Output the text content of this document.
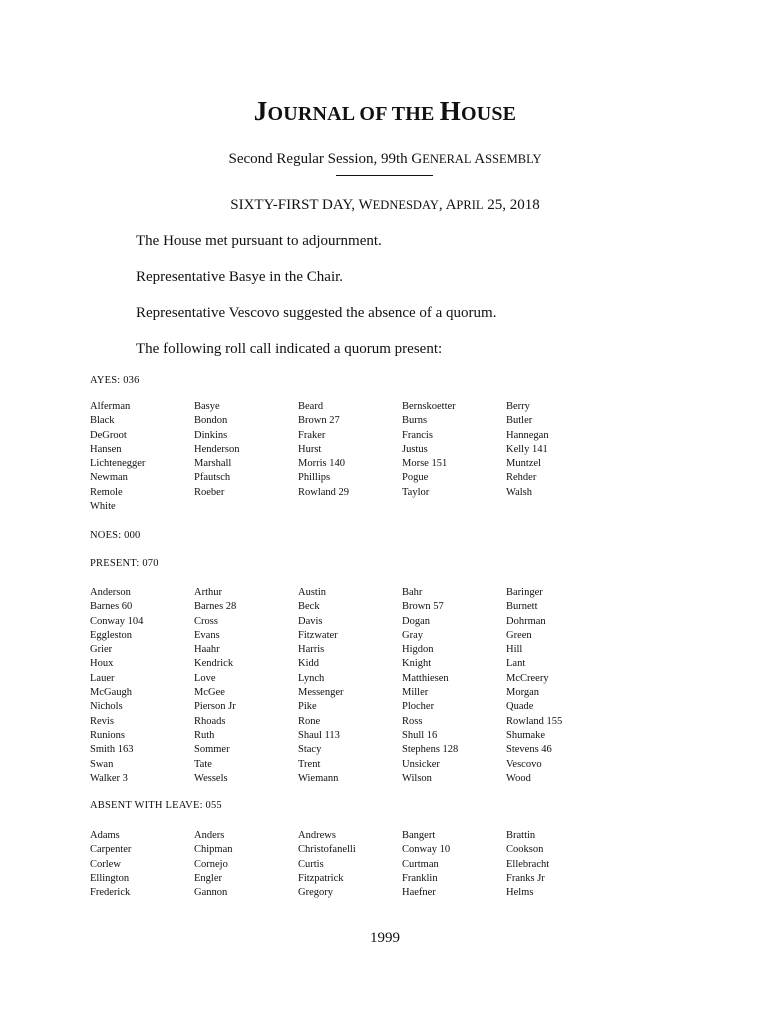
JOURNAL OF THE HOUSE
Second Regular Session, 99th GENERAL ASSEMBLY
SIXTY-FIRST DAY, WEDNESDAY, APRIL 25, 2018
The House met pursuant to adjournment.
Representative Basye in the Chair.
Representative Vescovo suggested the absence of a quorum.
The following roll call indicated a quorum present:
AYES: 036
Alferman	Basye	Beard	Bernskoetter	Berry
Black	Bondon	Brown 27	Burns	Butler
DeGroot	Dinkins	Fraker	Francis	Hannegan
Hansen	Henderson	Hurst	Justus	Kelly 141
Lichtenegger	Marshall	Morris 140	Morse 151	Muntzel
Newman	Pfautsch	Phillips	Pogue	Rehder
Remole	Roeber	Rowland 29	Taylor	Walsh
White
NOES: 000
PRESENT: 070
Anderson	Arthur	Austin	Bahr	Baringer
Barnes 60	Barnes 28	Beck	Brown 57	Burnett
Conway 104	Cross	Davis	Dogan	Dohrman
Eggleston	Evans	Fitzwater	Gray	Green
Grier	Haahr	Harris	Higdon	Hill
Houx	Kendrick	Kidd	Knight	Lant
Lauer	Love	Lynch	Matthiesen	McCreery
McGaugh	McGee	Messenger	Miller	Morgan
Nichols	Pierson Jr	Pike	Plocher	Quade
Revis	Rhoads	Rone	Ross	Rowland 155
Runions	Ruth	Shaul 113	Shull 16	Shumake
Smith 163	Sommer	Stacy	Stephens 128	Stevens 46
Swan	Tate	Trent	Unsicker	Vescovo
Walker 3	Wessels	Wiemann	Wilson	Wood
ABSENT WITH LEAVE: 055
Adams	Anders	Andrews	Bangert	Brattin
Carpenter	Chipman	Christofanelli	Conway 10	Cookson
Corlew	Cornejo	Curtis	Curtman	Ellebracht
Ellington	Engler	Fitzpatrick	Franklin	Franks Jr
Frederick	Gannon	Gregory	Haefner	Helms
1999
